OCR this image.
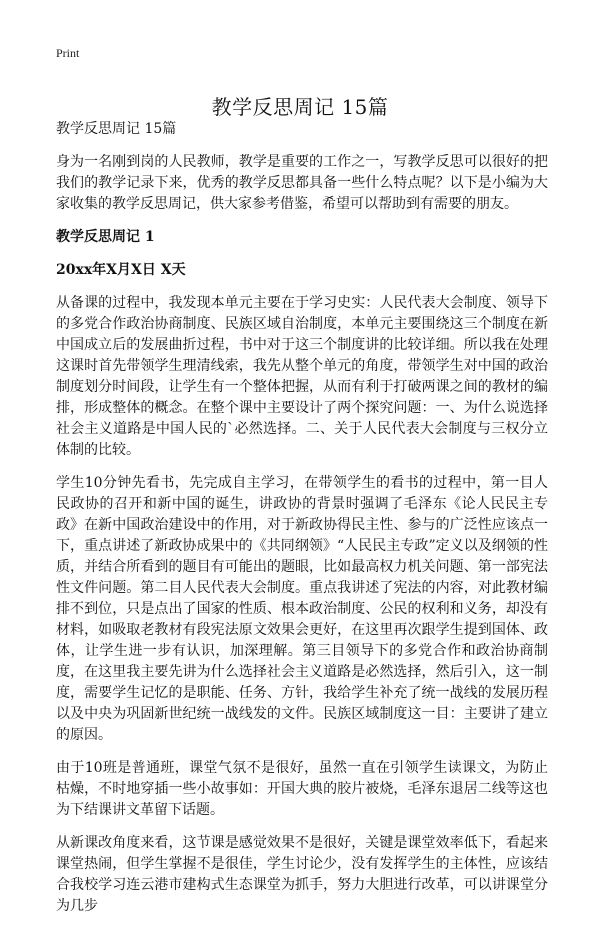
Print
教学反思周记 15篇

教学反思周记 15篇

身为一名刚到岗的人民教师，教学是重要的工作之一，写教学反思可以很好的把我们的教学记录下来，优秀的教学反思都具备一些什么特点呢？以下是小编为大家收集的教学反思周记，供大家参考借鉴，希望可以帮助到有需要的朋友。

教学反思周记 1

20xx年X月X日 X天

从备课的过程中，我发现本单元主要在于学习史实：人民代表大会制度、领导下的多党合作政治协商制度、民族区域自治制度，本单元主要围绕这三个制度在新中国成立后的发展曲折过程，书中对于这三个制度讲的比较详细。所以我在处理这课时首先带领学生理清线索，我先从整个单元的角度，带领学生对中国的政治制度划分时间段，让学生有一个整体把握，从而有利于打破两课之间的教材的编排，形成整体的概念。在整个课中主要设计了两个探究问题：一、为什么说选择社会主义道路是中国人民的`必然选择。二、关于人民代表大会制度与三权分立体制的比较。

学生10分钟先看书，先完成自主学习，在带领学生的看书的过程中，第一目人民政协的召开和新中国的诞生，讲政协的背景时强调了毛泽东《论人民民主专政》在新中国政治建设中的作用，对于新政协得民主性、参与的广泛性应该点一下，重点讲述了新政协成果中的《共同纲领》“人民民主专政”定义以及纲领的性质，并结合所看到的题目有可能出的题眼，比如最高权力机关问题、第一部宪法性文件问题。第二目人民代表大会制度。重点我讲述了宪法的内容，对此教材编排不到位，只是点出了国家的性质、根本政治制度、公民的权利和义务，却没有材料，如吸取老教材有段宪法原文效果会更好，在这里再次跟学生提到国体、政体，让学生进一步有认识，加深理解。第三目领导下的多党合作和政治协商制度，在这里我主要先讲为什么选择社会主义道路是必然选择，然后引入，这一制度，需要学生记忆的是职能、任务、方针，我给学生补充了统一战线的发展历程以及中央为巩固新世纪统一战线发的文件。民族区域制度这一目：主要讲了建立的原因。

由于10班是普通班，课堂气氛不是很好，虽然一直在引领学生读课文，为防止枯燥，不时地穿插一些小故事如：开国大典的胶片被烧，毛泽东退居二线等这也为下结课讲文革留下话题。

从新课改角度来看，这节课是感觉效果不是很好，关键是课堂效率低下，看起来课堂热闹，但学生掌握不是很佳，学生讨论少，没有发挥学生的主体性，应该结合我校学习连云港市建构式生态课堂为抓手，努力大胆进行改革，可以讲课堂分为几步
